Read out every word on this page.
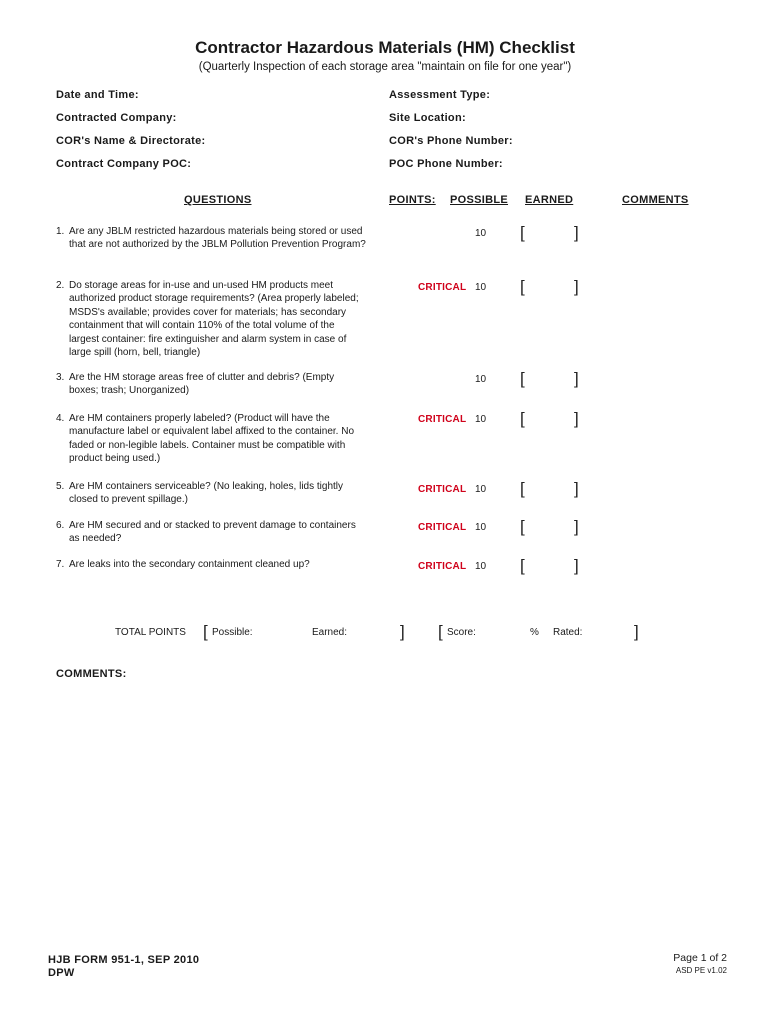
Contractor Hazardous Materials (HM) Checklist
(Quarterly Inspection of each storage area "maintain on file for one year")
Date and Time:	Assessment Type:
Contracted Company:	Site Location:
COR's Name & Directorate:	COR's Phone Number:
Contract Company POC:	POC Phone Number:
QUESTIONS	POINTS: POSSIBLE EARNED	COMMENTS
1. Are any JBLM restricted hazardous materials being stored or used that are not authorized by the JBLM Pollution Prevention Program?
10 [	]
2. Do storage areas for in-use and un-used HM products meet authorized product storage requirements? (Area properly labeled; MSDS's available; provides cover for materials; has secondary containment that will contain 110% of the total volume of the largest container: fire extinguisher and alarm system in case of large spill (horn, bell, triangle)
CRITICAL 10 [	]
3. Are the HM storage areas free of clutter and debris? (Empty boxes; trash; Unorganized)
10 [	]
4. Are HM containers properly labeled? (Product will have the manufacture label or equivalent label affixed to the container. No faded or non-legible labels. Container must be compatible with product being used.)
CRITICAL 10 [	]
5. Are HM containers serviceable? (No leaking, holes, lids tightly closed to prevent spillage.)
CRITICAL 10 [	]
6. Are HM secured and or stacked to prevent damage to containers as needed?
CRITICAL 10 [	]
7. Are leaks into the secondary containment cleaned up?	CRITICAL 10 [	]
TOTAL POINTS [ Possible:	Earned:	] [ Score:	% Rated:	]
COMMENTS:
HJB FORM 951-1, SEP 2010
DPW
Page 1 of 2
ASD PE v1.02
